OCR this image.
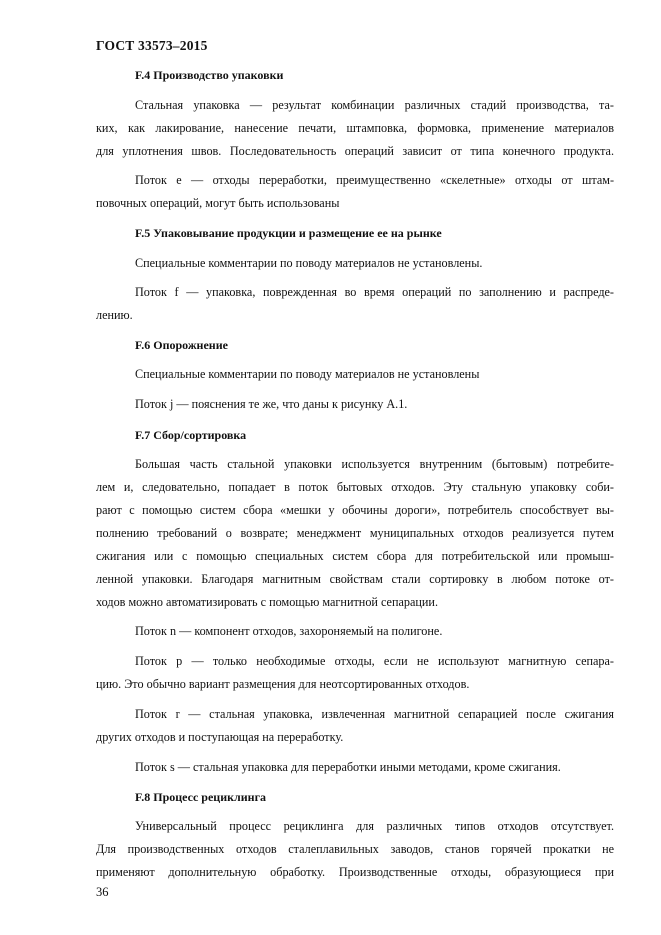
ГОСТ 33573–2015
F.4 Производство упаковки
Стальная упаковка — результат комбинации различных стадий производства, та-
ких, как лакирование, нанесение печати, штамповка, формовка, применение материалов
для уплотнения швов. Последовательность операций зависит от типа конечного продукта.
Поток е — отходы переработки, преимущественно «скелетные» отходы от штам-
повочных операций, могут быть использованы
F.5 Упаковывание продукции и размещение ее на рынке
Специальные комментарии по поводу материалов не установлены.
Поток f — упаковка, поврежденная во время операций по заполнению и распреде-
лению.
F.6 Опорожнение
Специальные комментарии по поводу материалов не установлены
Поток j — пояснения те же, что даны к рисунку А.1.
F.7 Сбор/сортировка
Большая часть стальной упаковки используется внутренним (бытовым) потребите-
лем и, следовательно, попадает в поток бытовых отходов. Эту стальную упаковку соби-
рают с помощью систем сбора «мешки у обочины дороги», потребитель способствует вы-
полнению требований о возврате; менеджмент муниципальных отходов реализуется путем
сжигания или с помощью специальных систем сбора для потребительской или промыш-
ленной упаковки. Благодаря магнитным свойствам стали сортировку в любом потоке от-
ходов можно автоматизировать с помощью магнитной сепарации.
Поток n — компонент отходов, захороняемый на полигоне.
Поток р — только необходимые отходы, если не используют магнитную сепара-
цию. Это обычно вариант размещения для неотсортированных отходов.
Поток r — стальная упаковка, извлеченная магнитной сепарацией после сжигания
других отходов и поступающая на переработку.
Поток s — стальная упаковка для переработки иными методами, кроме сжигания.
F.8 Процесс рециклинга
Универсальный процесс рециклинга для различных типов отходов отсутствует.
Для производственных отходов сталеплавильных заводов, станов горячей прокатки не
применяют дополнительную обработку. Производственные отходы, образующиеся при
36
